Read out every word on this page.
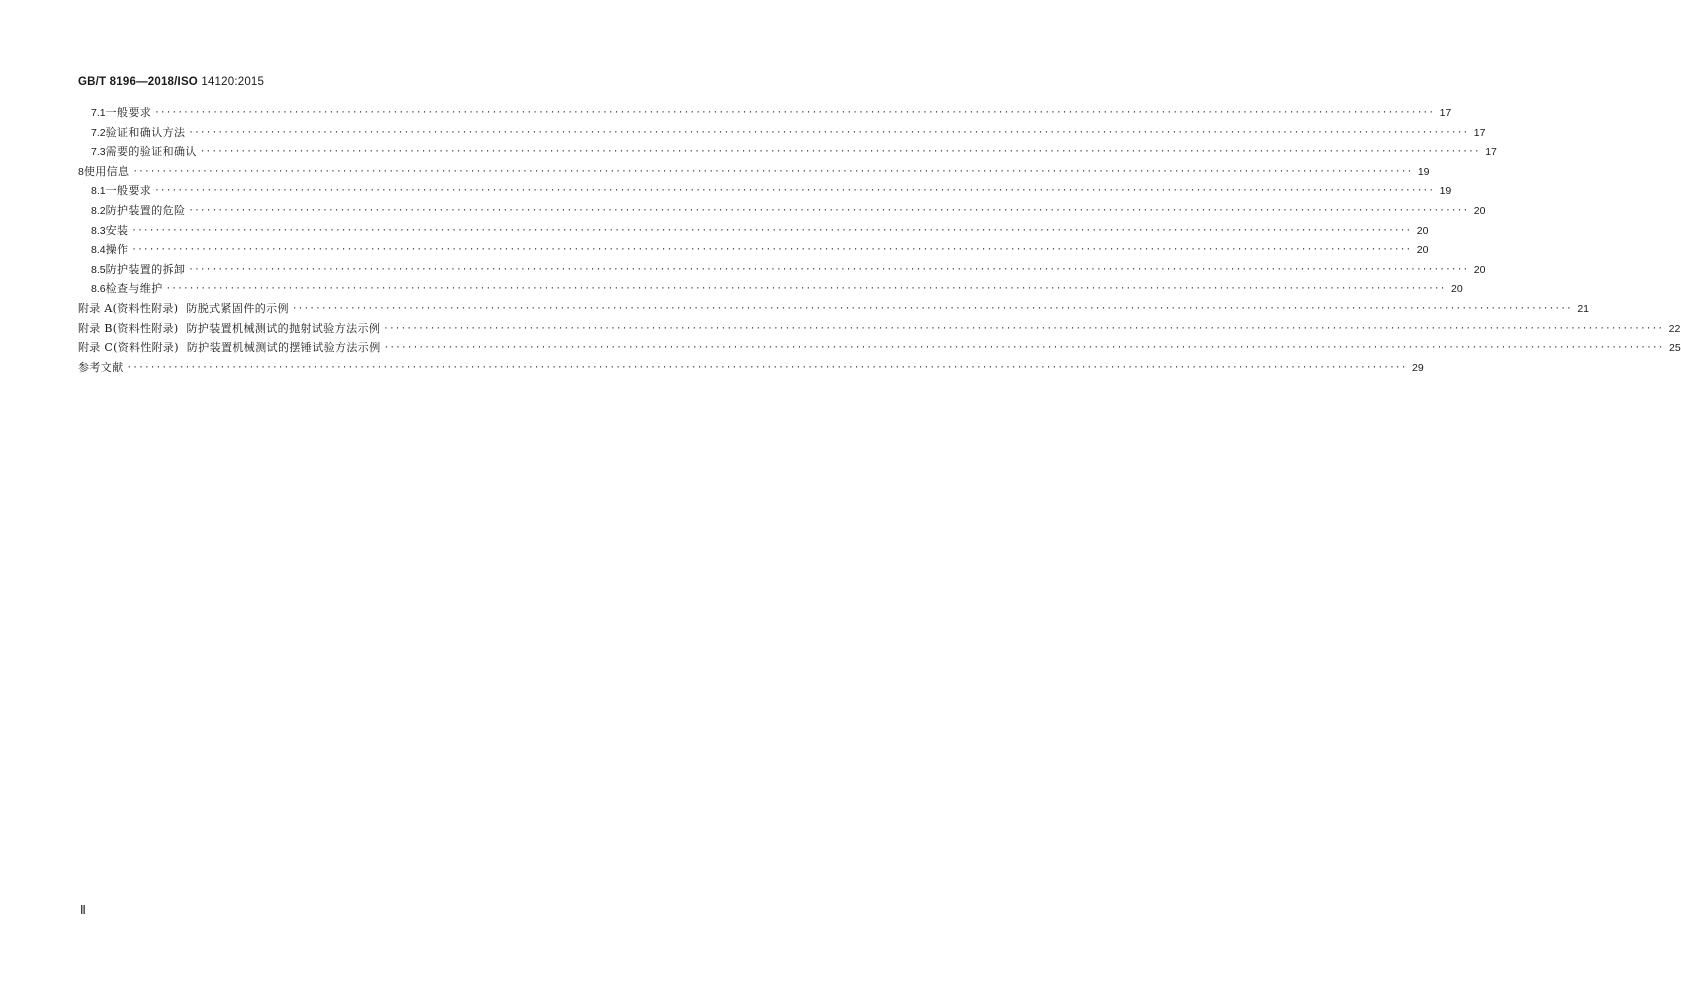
GB/T 8196—2018/ISO 14120:2015
7.1 一般要求 ···························································································································································································································· 17
7.2 验证和确认方法 ···························································································································································································································· 17
7.3 需要的验证和确认 ···························································································································································································································· 17
8 使用信息 ···························································································································································································································· 19
8.1 一般要求 ···························································································································································································································· 19
8.2 防护装置的危险 ···························································································································································································································· 20
8.3 安装 ···························································································································································································································· 20
8.4 操作 ···························································································································································································································· 20
8.5 防护装置的拆卸 ···························································································································································································································· 20
8.6 检查与维护 ···························································································································································································································· 20
附录 A (资料性附录) 防脱式紧固件的示例 ···························································································································································································································· 21
附录 B (资料性附录) 防护装置机械测试的抛射试验方法示例 ···························································································································································································································· 22
附录 C (资料性附录) 防护装置机械测试的摆锤试验方法示例 ···························································································································································································································· 25
参考文献 ···························································································································································································································· 29
Ⅱ
